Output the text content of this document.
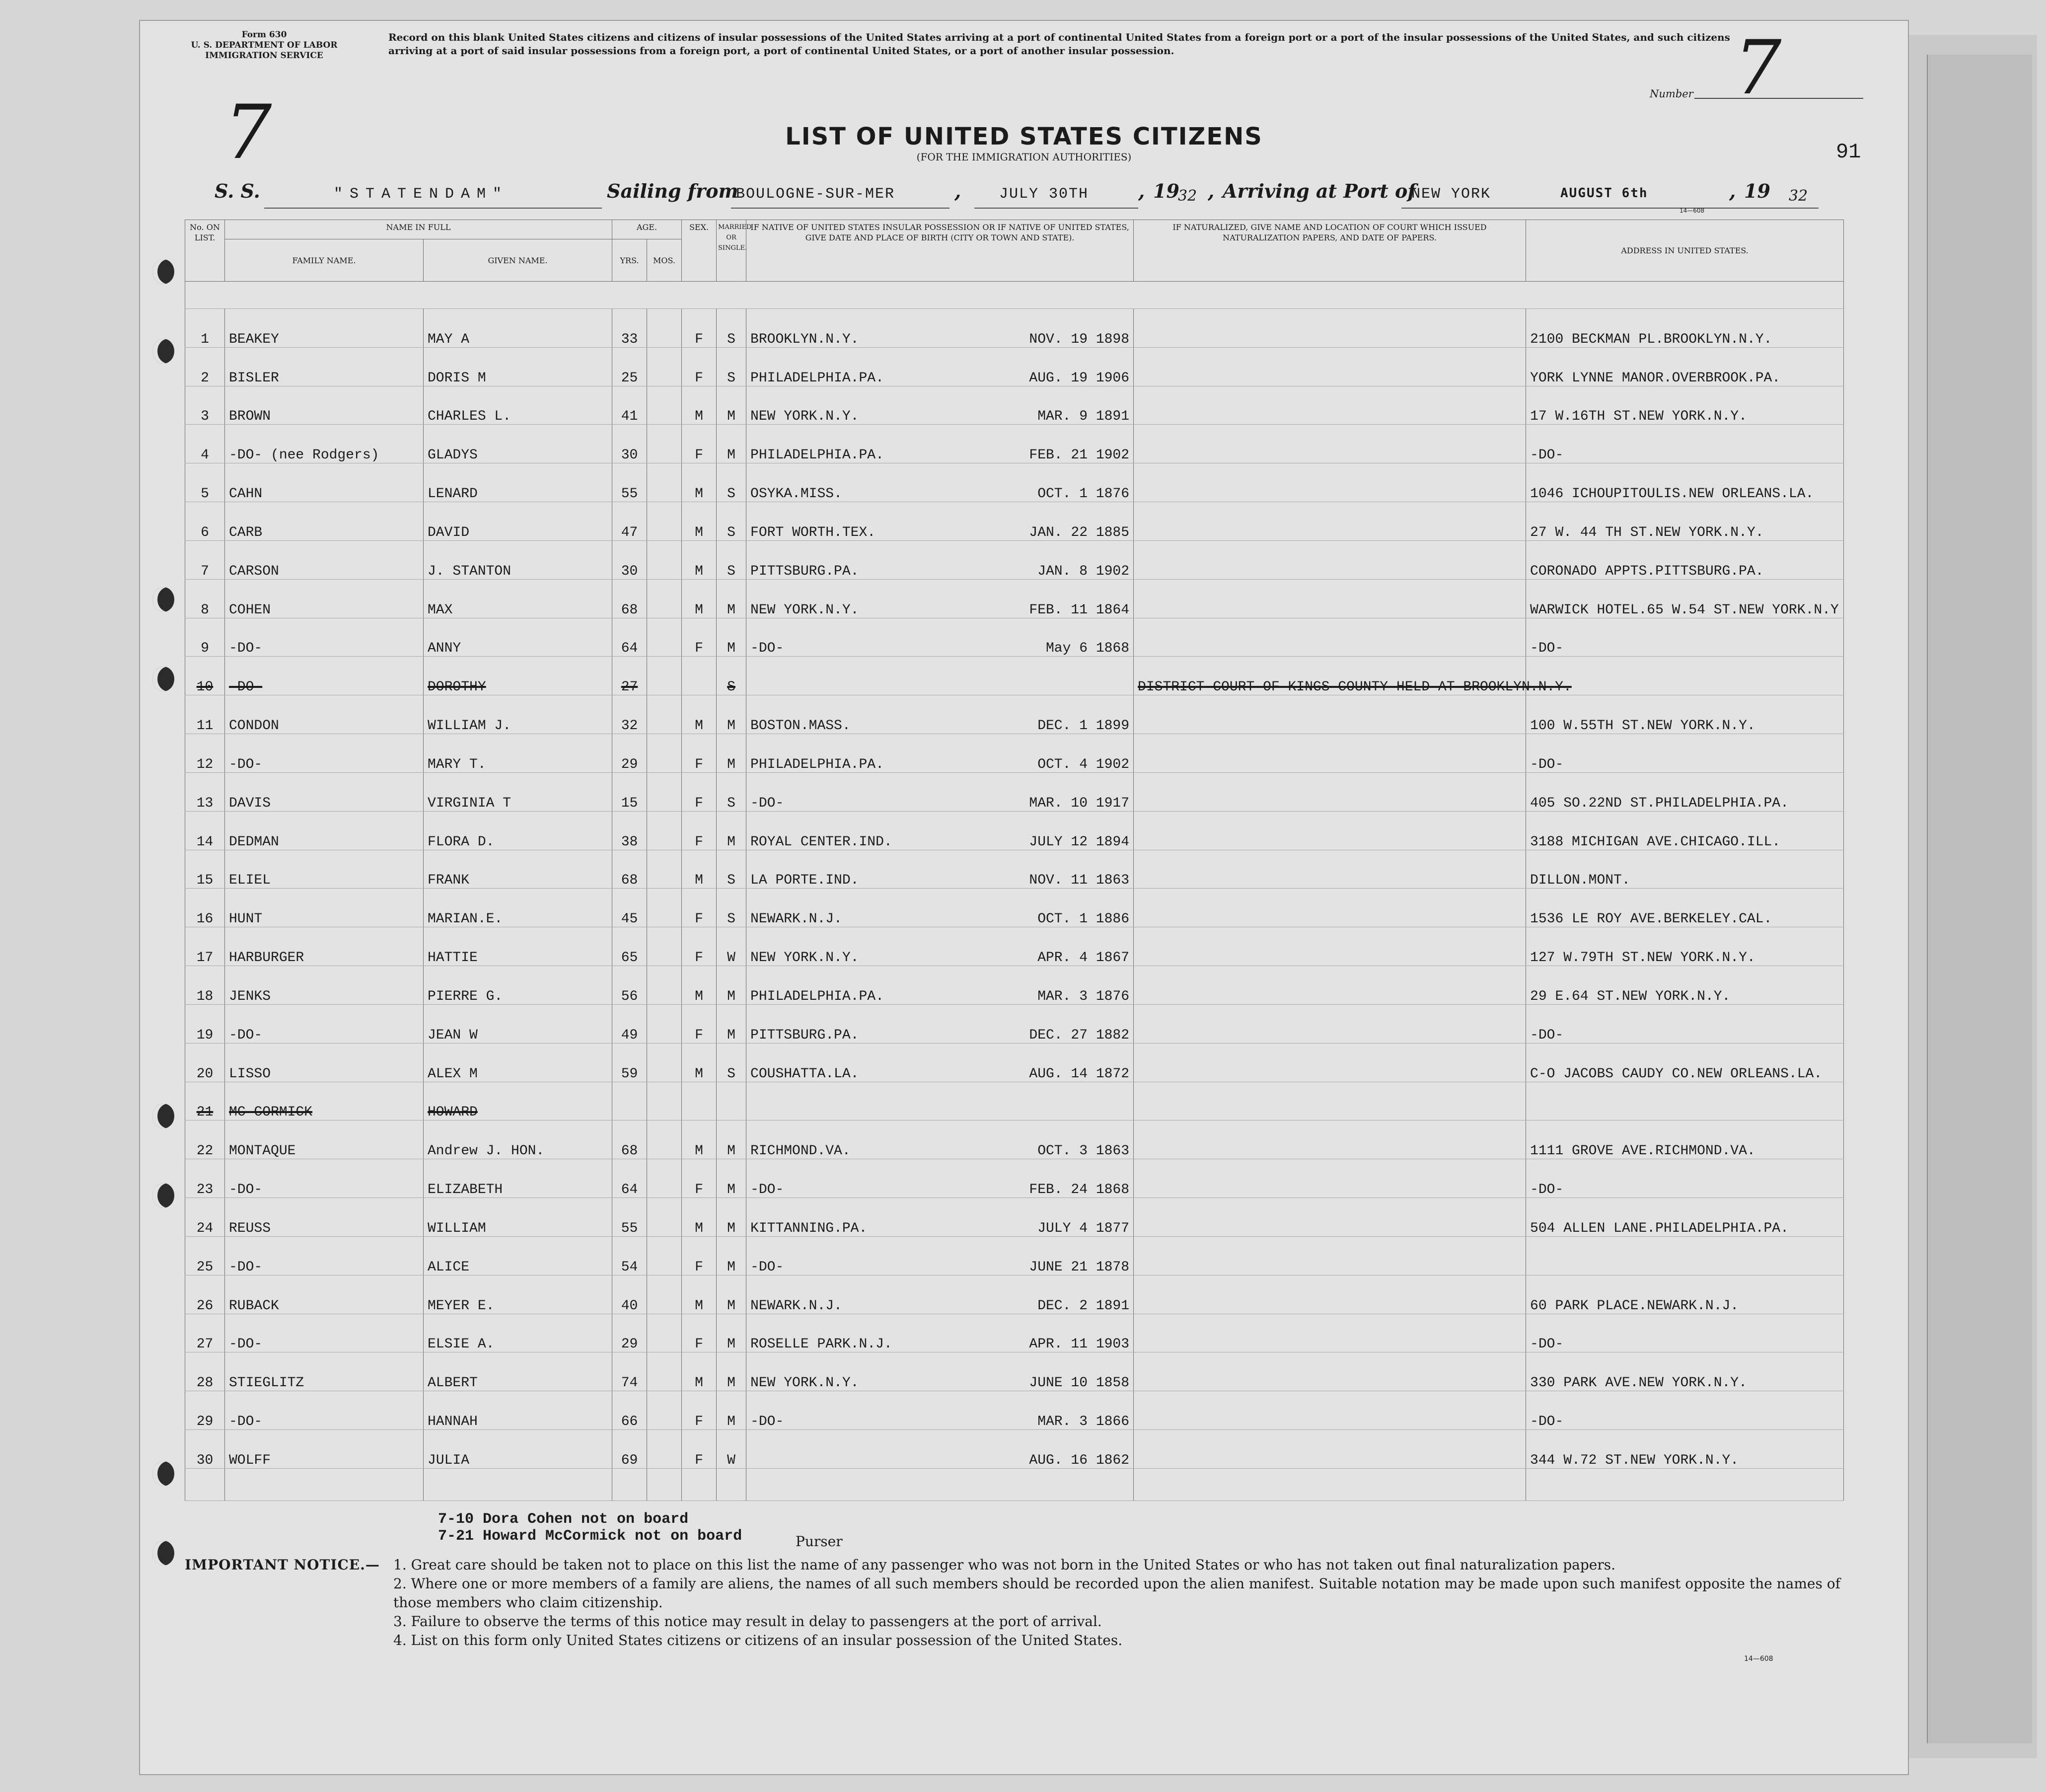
Form 630
U. S. DEPARTMENT OF LABOR
IMMIGRATION SERVICE
7
Record on this blank United States citizens and citizens of insular possessions of the United States arriving at a port of continental United States from a foreign port or a port of the insular possessions of the United States, and such citizens arriving at a port of said insular possessions from a foreign port, a port of continental United States, or a port of another insular possession.
Number 7
LIST OF UNITED STATES CITIZENS
(FOR THE IMMIGRATION AUTHORITIES)	91
S. S.	"STATENDAM"	Sailing from
BOULOGNE-SUR-MER	,	JULY 30TH	, 19
32 , Arriving at Port of
NEW YORK	AUGUST 6th
14—608
, 19 32
No. ON LIST.	NAME IN FULL		AGE.		SEX.	MARRIED OR SINGLE.	IF NATIVE OF UNITED STATES INSULAR POSSESSION OR IF NATIVE OF UNITED STATES, GIVE DATE AND PLACE OF BIRTH (CITY OR TOWN AND STATE).	IF NATURALIZED, GIVE NAME AND LOCATION OF COURT WHICH ISSUED NATURALIZATION PAPERS, AND DATE OF PAPERS.	ADDRESS IN UNITED STATES.
	FAMILY NAME.	GIVEN NAME.	YRS.	MOS.					

1	BEAKEY	MAY A	33		F	S	BROOKLYN.N.Y. NOV. 19 1898		2100 BECKMAN PL.BROOKLYN.N.Y.
2	BISLER	DORIS M	25		F	S	PHILADELPHIA.PA. AUG. 19 1906		YORK LYNNE MANOR.OVERBROOK.PA.
3	BROWN	CHARLES L.	41		M	M	NEW YORK.N.Y. MAR. 9 1891		17 W.16TH ST.NEW YORK.N.Y.
4	-DO- (nee Rodgers)	GLADYS	30		F	M	PHILADELPHIA.PA. FEB. 21 1902		-DO-
5	CAHN	LENARD	55		M	S	OSYKA.MISS. OCT. 1 1876		1046 ICHOUPITOULIS.NEW ORLEANS.LA.
6	CARB	DAVID	47		M	S	FORT WORTH.TEX. JAN. 22 1885		27 W. 44 TH ST.NEW YORK.N.Y.
7	CARSON	J. STANTON	30		M	S	PITTSBURG.PA. JAN. 8 1902		CORONADO APPTS.PITTSBURG.PA.
8	COHEN	MAX	68		M	M	NEW YORK.N.Y. FEB. 11 1864		WARWICK HOTEL.65 W.54 ST.NEW YORK.N.Y
9	-DO-	ANNY	64		F	M	-DO- May 6 1868		-DO-
10	-DO-	DOROTHY	27			S		DISTRICT COURT OF KINGS COUNTY HELD AT BROOKLYN.N.Y.	
11	CONDON	WILLIAM J.	32		M	M	BOSTON.MASS. DEC. 1 1899		100 W.55TH ST.NEW YORK.N.Y.
12	-DO-	MARY T.	29		F	M	PHILADELPHIA.PA. OCT. 4 1902		-DO-
13	DAVIS	VIRGINIA T	15		F	S	-DO- MAR. 10 1917		405 SO.22ND ST.PHILADELPHIA.PA.
14	DEDMAN	FLORA D.	38		F	M	ROYAL CENTER.IND. JULY 12 1894		3188 MICHIGAN AVE.CHICAGO.ILL.
15	ELIEL	FRANK	68		M	S	LA PORTE.IND. NOV. 11 1863		DILLON.MONT.
16	HUNT	MARIAN.E.	45		F	S	NEWARK.N.J. OCT. 1 1886		1536 LE ROY AVE.BERKELEY.CAL.
17	HARBURGER	HATTIE	65		F	W	NEW YORK.N.Y. APR. 4 1867		127 W.79TH ST.NEW YORK.N.Y.
18	JENKS	PIERRE G.	56		M	M	PHILADELPHIA.PA. MAR. 3 1876		29 E.64 ST.NEW YORK.N.Y.
19	-DO-	JEAN W	49		F	M	PITTSBURG.PA. DEC. 27 1882		-DO-
20	LISSO	ALEX M	59		M	S	COUSHATTA.LA. AUG. 14 1872		C-O JACOBS CAUDY CO.NEW ORLEANS.LA.
21	MC CORMICK	HOWARD					

22	MONTAQUE	Andrew J. HON.	68		M	M	RICHMOND.VA. OCT. 3 1863		1111 GROVE AVE.RICHMOND.VA.
23	-DO-	ELIZABETH	64		F	M	-DO- FEB. 24 1868		-DO-
24	REUSS	WILLIAM	55		M	M	KITTANNING.PA. JULY 4 1877		504 ALLEN LANE.PHILADELPHIA.PA.
25	-DO-	ALICE	54		F	M	-DO- JUNE 21 1878		

26	RUBACK	MEYER E.	40		M	M	NEWARK.N.J. DEC. 2 1891		60 PARK PLACE.NEWARK.N.J.
27	-DO-	ELSIE A.	29		F	M	ROSELLE PARK.N.J. APR. 11 1903		-DO-
28	STIEGLITZ	ALBERT	74		M	M	NEW YORK.N.Y. JUNE 10 1858		330 PARK AVE.NEW YORK.N.Y.
29	-DO-	HANNAH	66		F	M	-DO- MAR. 3 1866		-DO-
30	WOLFF	JULIA	69		F	W	AUG. 16 1862		344 W.72 ST.NEW YORK.N.Y.

7-10 Dora Cohen not on board
7-21 Howard McCormick not on board	Purser
IMPORTANT NOTICE.— 1. Great care should be taken not to place on this list the name of any passenger who was not born in the United States or who has not taken out final naturalization papers.
2. Where one or more members of a family are aliens, the names of all such members should be recorded upon the alien manifest. Suitable notation may be made upon such manifest opposite the names of those members who claim citizenship.
3. Failure to observe the terms of this notice may result in delay to passengers at the port of arrival.
4. List on this form only United States citizens or citizens of an insular possession of the United States.
14—608
